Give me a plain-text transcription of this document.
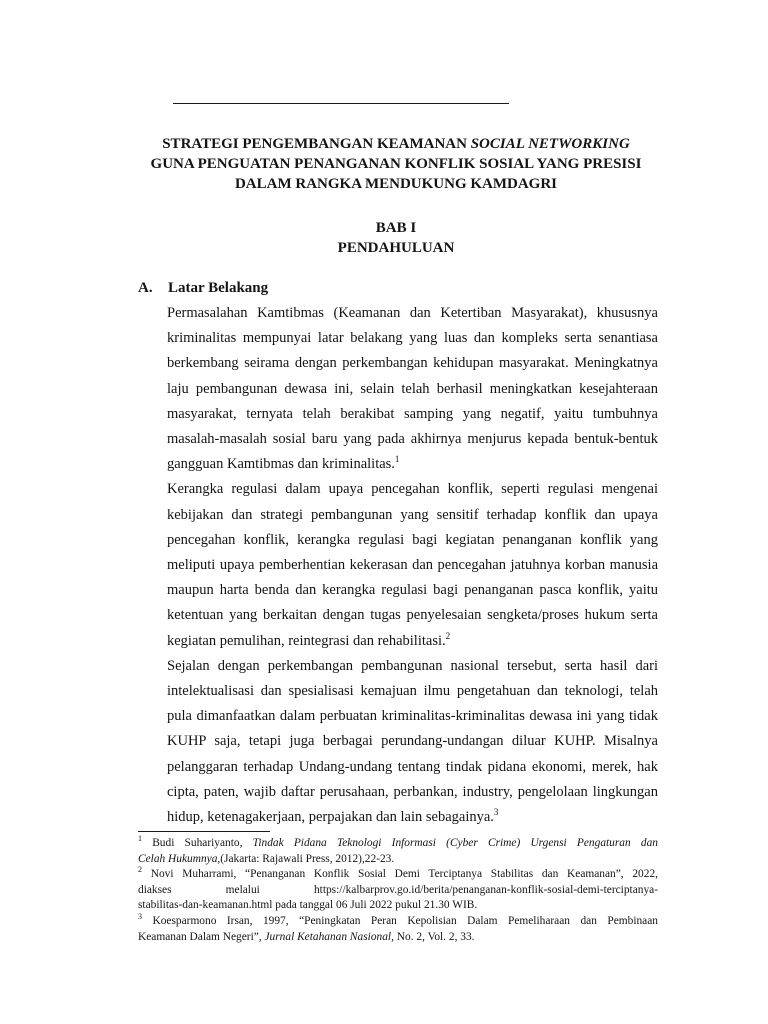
STRATEGI PENGEMBANGAN KEAMANAN SOCIAL NETWORKING
GUNA PENGUATAN PENANGANAN KONFLIK SOSIAL YANG PRESISI
DALAM RANGKA MENDUKUNG KAMDAGRI
BAB I
PENDAHULUAN
A. Latar Belakang

Permasalahan Kamtibmas (Keamanan dan Ketertiban Masyarakat), khususnya
kriminalitas mempunyai latar belakang yang luas dan kompleks serta senantiasa
berkembang seirama dengan perkembangan kehidupan masyarakat. Meningkatnya
laju pembangunan dewasa ini, selain telah berhasil meningkatkan kesejahteraan
masyarakat, ternyata telah berakibat samping yang negatif, yaitu tumbuhnya
masalah-masalah sosial baru yang pada akhirnya menjurus kepada bentuk-bentuk
gangguan Kamtibmas dan kriminalitas.$^1$

Kerangka regulasi dalam upaya pencegahan konflik, seperti regulasi mengenai
kebijakan dan strategi pembangunan yang sensitif terhadap konflik dan upaya
pencegahan konflik, kerangka regulasi bagi kegiatan penanganan konflik yang
meliputi upaya pemberhentian kekerasan dan pencegahan jatuhnya korban manusia
maupun harta benda dan kerangka regulasi bagi penanganan pasca konflik, yaitu
ketentuan yang berkaitan dengan tugas penyelesaian sengketa/proses hukum serta
kegiatan pemulihan, reintegrasi dan rehabilitasi.$^2$

Sejalan dengan perkembangan pembangunan nasional tersebut, serta hasil dari
intelektualisasi dan spesialisasi kemajuan ilmu pengetahuan dan teknologi, telah
pula dimanfaatkan dalam perbuatan kriminalitas-kriminalitas dewasa ini yang tidak
KUHP saja, tetapi juga berbagai perundang-undangan diluar KUHP. Misalnya
pelanggaran terhadap Undang-undang tentang tindak pidana ekonomi, merek, hak
cipta, paten, wajib daftar perusahaan, perbankan, industry, pengelolaan lingkungan
hidup, ketenagakerjaan, perpajakan dan lain sebagainya.$^3$

$^1$ Budi Suhariyanto, Tindak Pidana Teknologi Informasi (Cyber Crime) Urgensi Pengaturan dan
Celah Hukumnya,(Jakarta: Rajawali Press, 2012),22-23.
$^2$ Novi Muharrami, “Penanganan Konflik Sosial Demi Terciptanya Stabilitas dan Keamanan”, 2022,
diakses melalui https://kalbarprov.go.id/berita/penanganan-konflik-sosial-demi-terciptanya-
stabilitas-dan-keamanan.html pada tanggal 06 Juli 2022 pukul 21.30 WIB.
$^3$ Koesparmono Irsan, 1997, “Peningkatan Peran Kepolisian Dalam Pemeliharaan dan Pembinaan
Keamanan Dalam Negeri”, Jurnal Ketahanan Nasional, No. 2, Vol. 2, 33.
